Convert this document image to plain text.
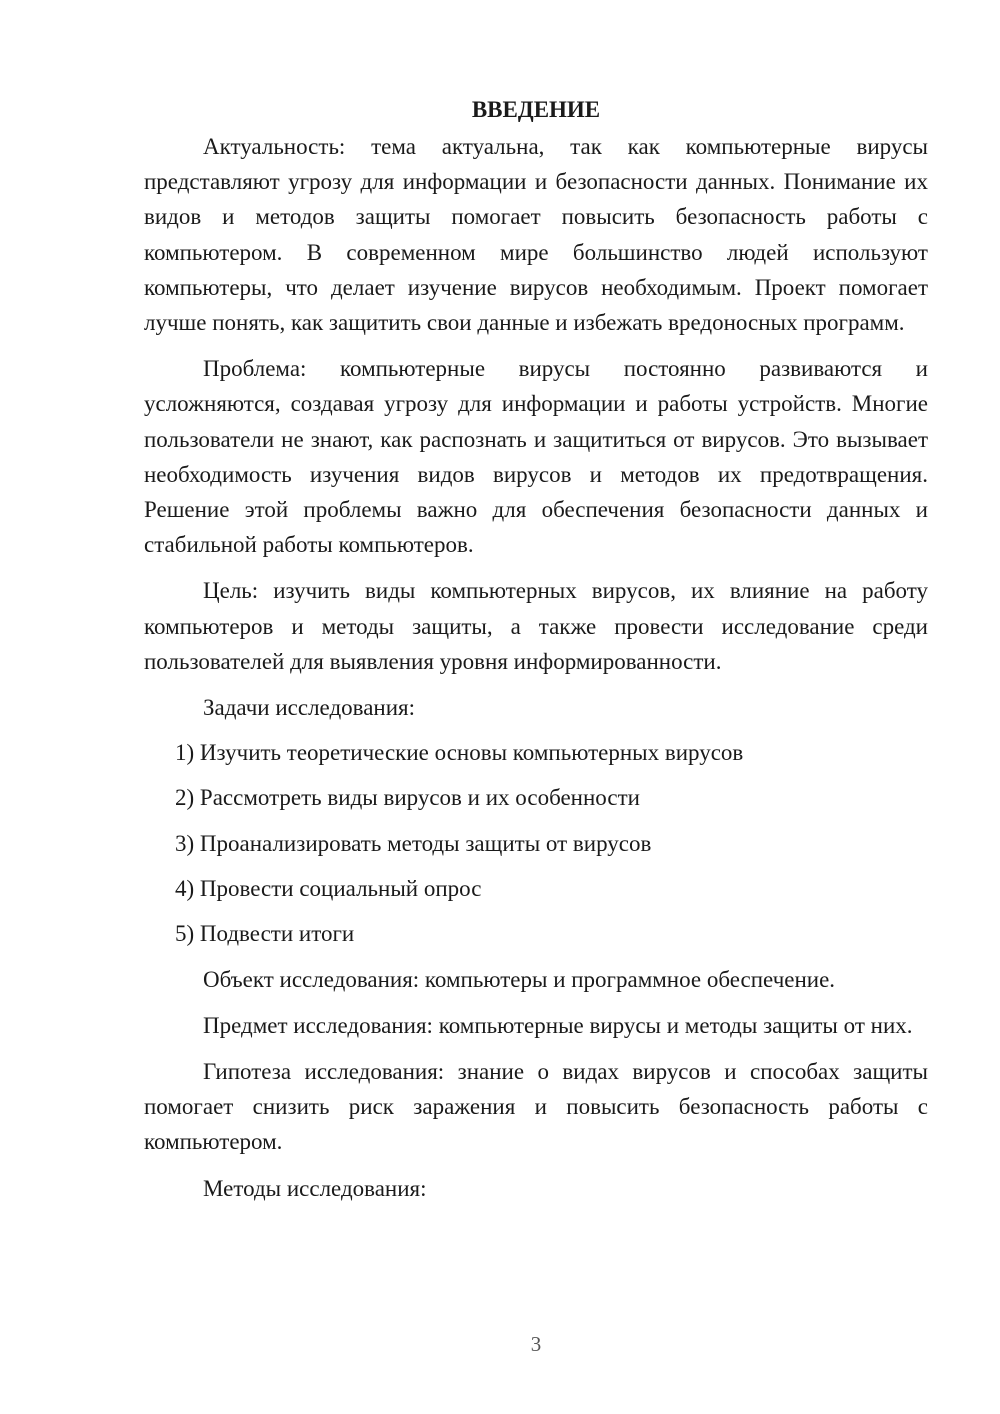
ВВЕДЕНИЕ

Актуальность: тема актуальна, так как компьютерные вирусы представляют угрозу для информации и безопасности данных. Понимание их видов и методов защиты помогает повысить безопасность работы с компьютером. В современном мире большинство людей используют компьютеры, что делает изучение вирусов необходимым. Проект помогает лучше понять, как защитить свои данные и избежать вредоносных программ.

Проблема: компьютерные вирусы постоянно развиваются и усложняются, создавая угрозу для информации и работы устройств. Многие пользователи не знают, как распознать и защититься от вирусов. Это вызывает необходимость изучения видов вирусов и методов их предотвращения. Решение этой проблемы важно для обеспечения безопасности данных и стабильной работы компьютеров.

Цель: изучить виды компьютерных вирусов, их влияние на работу компьютеров и методы защиты, а также провести исследование среди пользователей для выявления уровня информированности.

Задачи исследования:

1) Изучить теоретические основы компьютерных вирусов
2) Рассмотреть виды вирусов и их особенности
3) Проанализировать методы защиты от вирусов
4) Провести социальный опрос
5) Подвести итоги

Объект исследования: компьютеры и программное обеспечение.

Предмет исследования: компьютерные вирусы и методы защиты от них.

Гипотеза исследования: знание о видах вирусов и способах защиты помогает снизить риск заражения и повысить безопасность работы с компьютером.

Методы исследования:

3
